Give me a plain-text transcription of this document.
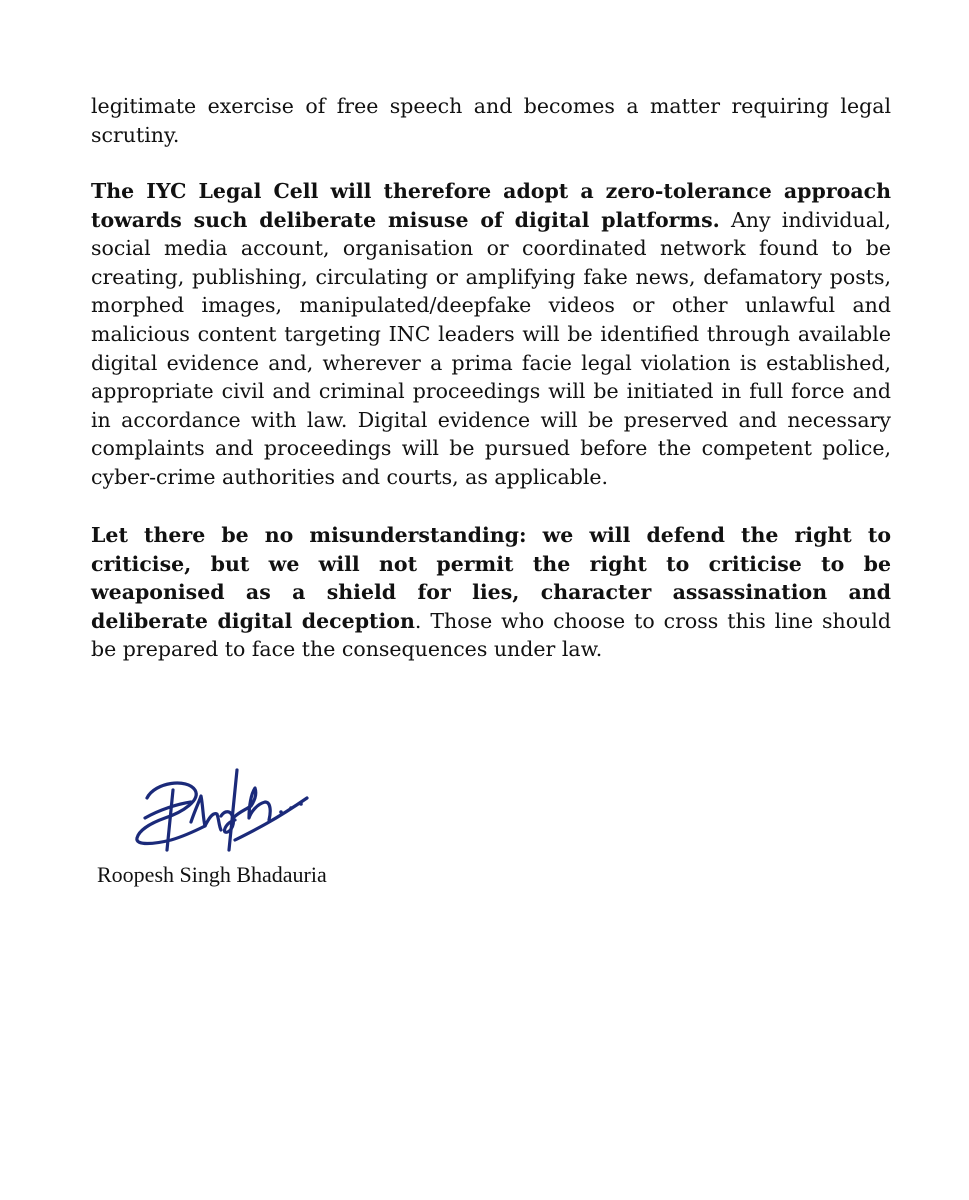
legitimate exercise of free speech and becomes a matter requiring legal scrutiny.

The IYC Legal Cell will therefore adopt a zero-tolerance approach towards such deliberate misuse of digital platforms. Any individual, social media account, organisation or coordinated network found to be creating, publishing, circulating or amplifying fake news, defamatory posts, morphed images, manipulated/deepfake videos or other unlawful and malicious content targeting INC leaders will be identified through available digital evidence and, wherever a prima facie legal violation is established, appropriate civil and criminal proceedings will be initiated in full force and in accordance with law. Digital evidence will be preserved and necessary complaints and proceedings will be pursued before the competent police, cyber-crime authorities and courts, as applicable.

Let there be no misunderstanding: we will defend the right to criticise, but we will not permit the right to criticise to be weaponised as a shield for lies, character assassination and deliberate digital deception. Those who choose to cross this line should be prepared to face the consequences under law.

Roopesh Singh Bhadauria
